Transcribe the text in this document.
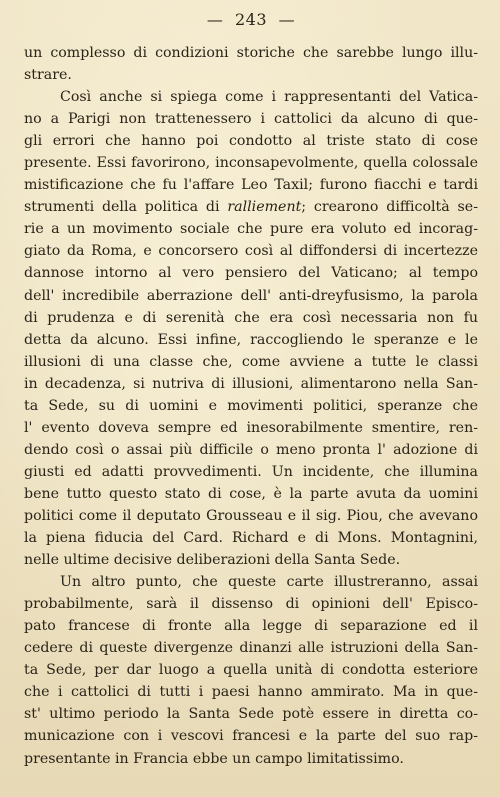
— 243 —
un complesso di condizioni storiche che sarebbe lungo illu-
strare.
Così anche si spiega come i rappresentanti del Vatica-
no a Parigi non trattenessero i cattolici da alcuno di que-
gli errori che hanno poi condotto al triste stato di cose
presente. Essi favorirono, inconsapevolmente, quella colossale
mistificazione che fu l'affare Leo Taxil; furono fiacchi e tardi
strumenti della politica di ralliement; crearono difficoltà se-
rie a un movimento sociale che pure era voluto ed incorag-
giato da Roma, e concorsero così al diffondersi di incertezze
dannose intorno al vero pensiero del Vaticano; al tempo
dell' incredibile aberrazione dell' anti-dreyfusismo, la parola
di prudenza e di serenità che era così necessaria non fu
detta da alcuno. Essi infine, raccogliendo le speranze e le
illusioni di una classe che, come avviene a tutte le classi
in decadenza, si nutriva di illusioni, alimentarono nella San-
ta Sede, su di uomini e movimenti politici, speranze che
l' evento doveva sempre ed inesorabilmente smentire, ren-
dendo così o assai più difficile o meno pronta l' adozione di
giusti ed adatti provvedimenti. Un incidente, che illumina
bene tutto questo stato di cose, è la parte avuta da uomini
politici come il deputato Grousseau e il sig. Piou, che avevano
la piena fiducia del Card. Richard e di Mons. Montagnini,
nelle ultime decisive deliberazioni della Santa Sede.
Un altro punto, che queste carte illustreranno, assai
probabilmente, sarà il dissenso di opinioni dell' Episco-
pato francese di fronte alla legge di separazione ed il
cedere di queste divergenze dinanzi alle istruzioni della San-
ta Sede, per dar luogo a quella unità di condotta esteriore
che i cattolici di tutti i paesi hanno ammirato. Ma in que-
st' ultimo periodo la Santa Sede potè essere in diretta co-
municazione con i vescovi francesi e la parte del suo rap-
presentante in Francia ebbe un campo limitatissimo.
